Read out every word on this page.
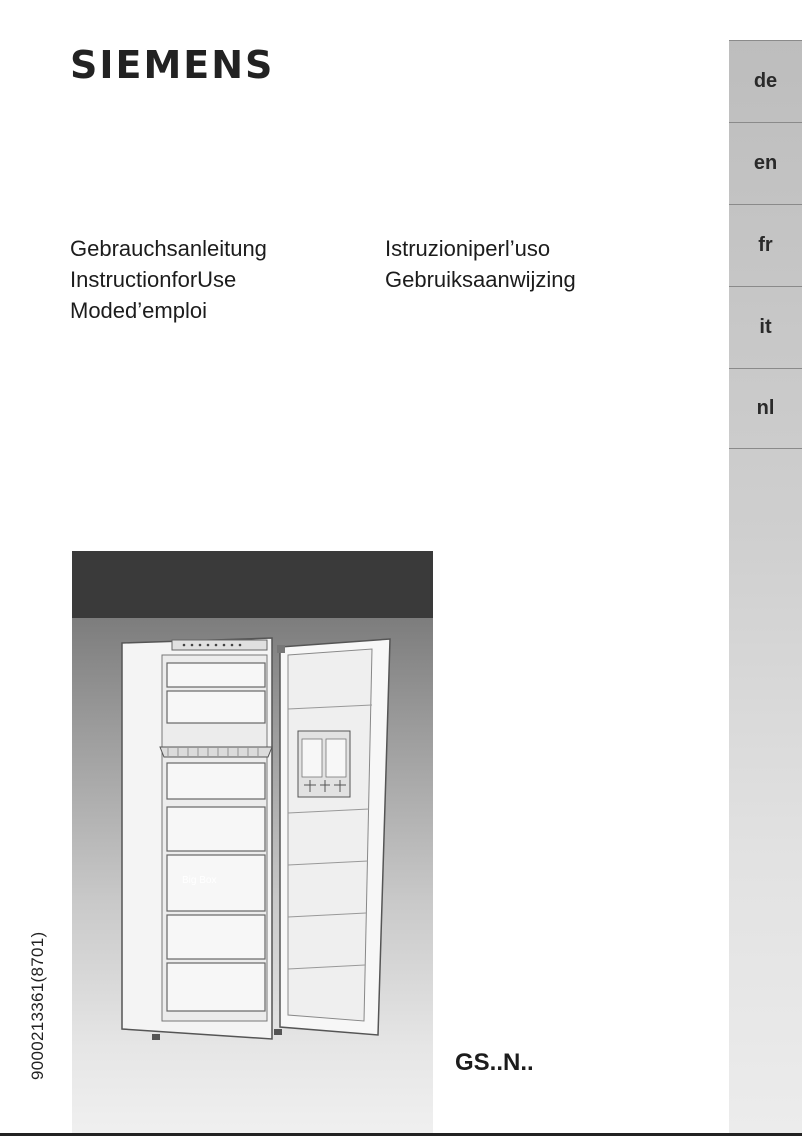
SIEMENS
Gebrauchsanleitung
InstructionforUse
Moded’emploi
Istruzioniperl’uso
Gebruiksaanwijzing
de
en
fr
it
nl
Big Box
9000213361(8701)	GS..N..
